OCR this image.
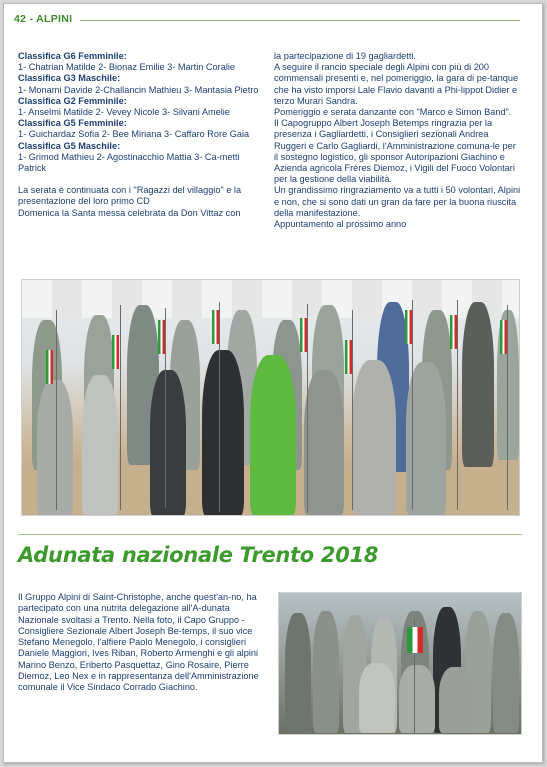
42 - ALPINI

Classifica G6 Femminile:

1- Chatrian Matilde 2- Bionaz Emilie 3- Martin Coralie

Classifica G3 Maschile:

1- Monami Davide 2-Challancin Mathieu 3- Mantasia Pietro

Classifica G2 Femminile:

1- Anselmi Matilde 2- Vevey Nicole 3- Silvani Amelie

Classifica G5 Femminile:

1- Guichardaz Sofia 2- Bee Miriana 3- Caffaro Rore Gaia

Classifica G5 Maschile:

1- Grimod Mathieu 2- Agostinacchio Mattia 3- Ca-metti Patrick

La serata è continuata con i "Ragazzi del villaggio" e la presentazione del loro primo CD

Domenica la Santa messa celebrata da Don Vittaz con

la partecipazione di 19 gagliardetti.

A seguire il rancio speciale degli Alpini con più di 200 commensali presenti e, nel pomeriggio, la gara di pe-tanque che ha visto imporsi Lale Flavio davanti a Phi-lippot Didier e terzo Murari Sandra.

Pomeriggio e serata danzante con "Marco e Simon Band".

Il Capogruppo Albert Joseph Betemps ringrazia per la presenza i Gagliardetti, i Consiglieri sezionali Andrea Ruggeri e Carlo Gagliardi, l'Amministrazione comuna-le per il sostegno logistico, gli sponsor Autoripazioni Giachino e Azienda agricola Fréres Diemoz, i Vigili del Fuoco Volontari per la gestione della viabilità.

Un grandissimo ringraziamento va a tutti i 50 volontari, Alpini e non, che si sono dati un gran da fare per la buona riuscita della manifestazione.

Appuntamento al prossimo anno

Adunata nazionale Trento 2018
Il Gruppo Alpini di Saint-Christophe, anche quest'an-no, ha partecipato con una nutrita delegazione all'A-dunata Nazionale svoltasi a Trento. Nella foto, il Capo Gruppo - Consigliere Sezionale Albert Joseph Be-temps, il suo vice Stefano Menegolo, l'alfiere Paolo Menegolo, i consiglieri Daniele Maggiori, Ives Riban, Roberto Armenghi e gli alpini Marino Benzo, Eriberto Pasquettaz, Gino Rosaire, Pierre Diemoz, Leo Nex e in rappresentanza dell'Amministrazione comunale il Vice Sindaco Corrado Giachino.
